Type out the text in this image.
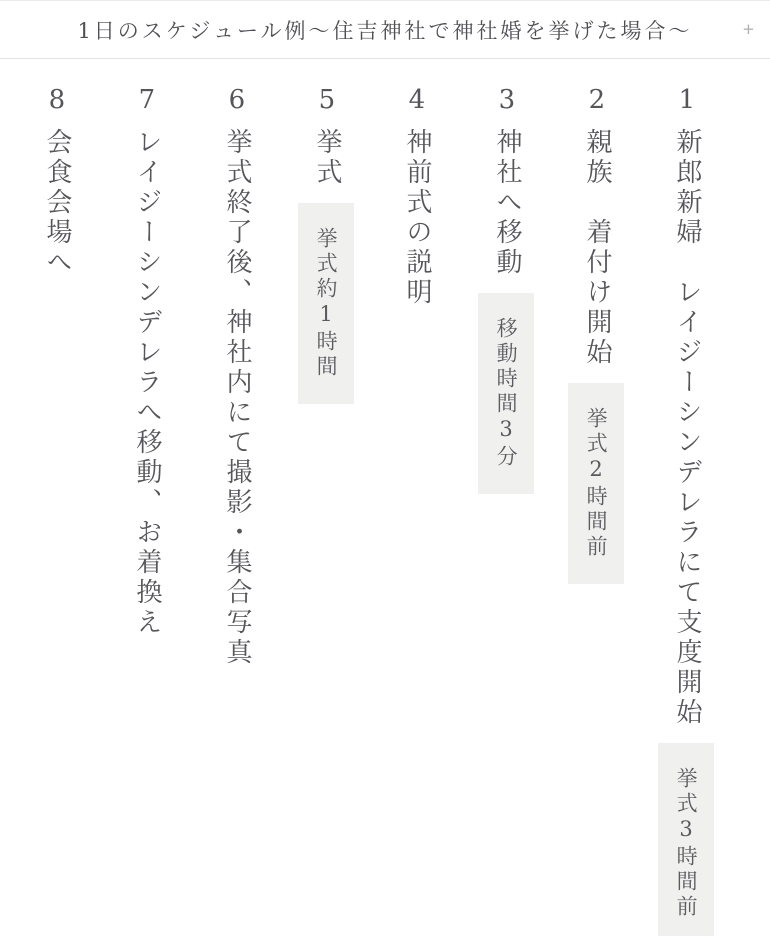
1日のスケジュール例〜住吉神社で神社婚を挙げた場合〜	+
1
新郎新婦　レイジーシンデレラにて支度開始
挙式3時間前
2
親族　着付け開始
挙式2時間前
3
神社へ移動
移動時間3分
4
神前式の説明
5
挙式
挙式約1時間
6
挙式終了後、神社内にて撮影・集合写真
7
レイジーシンデレラへ移動、お着換え
8
会食会場へ
